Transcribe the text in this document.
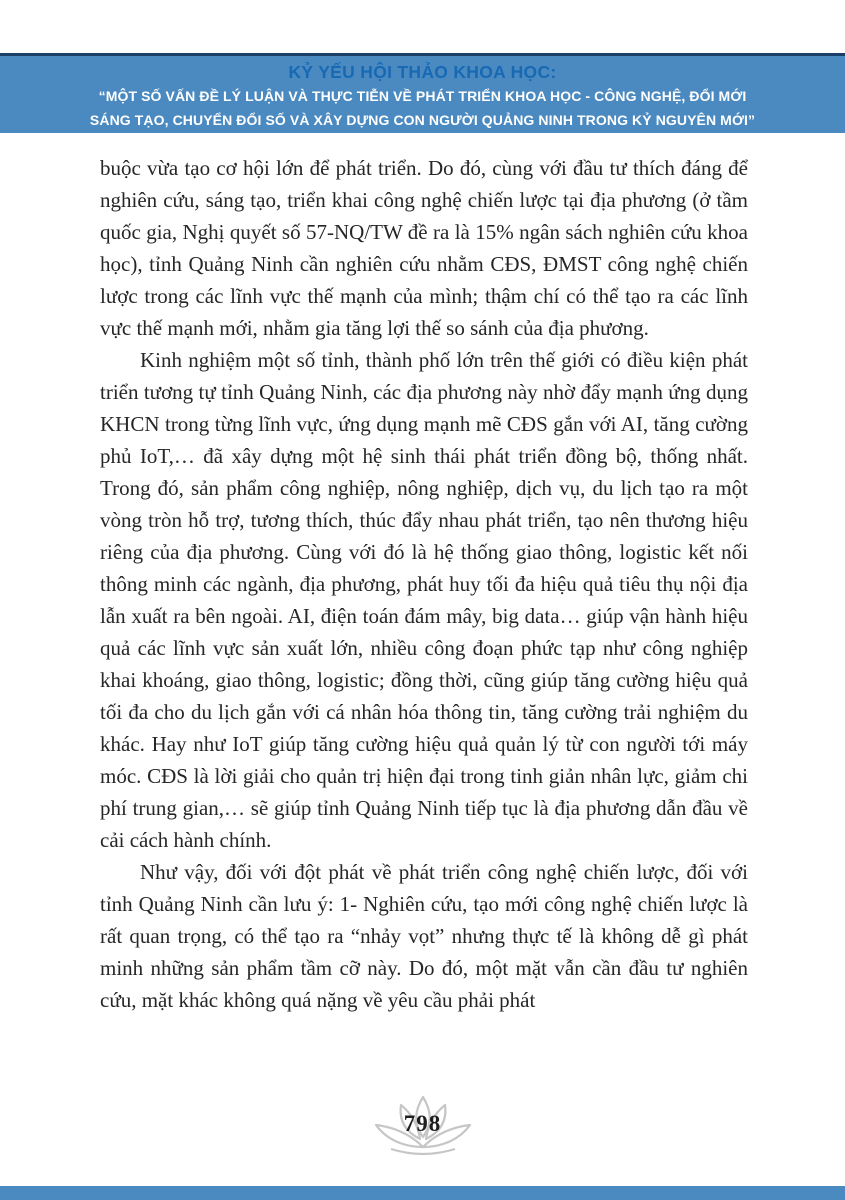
KỶ YẾU HỘI THẢO KHOA HỌC:
“MỘT SỐ VẤN ĐỀ LÝ LUẬN VÀ THỰC TIỄN VỀ PHÁT TRIỂN KHOA HỌC - CÔNG NGHỆ, ĐỔI MỚI
SÁNG TẠO, CHUYỂN ĐỔI SỐ VÀ XÂY DỰNG CON NGƯỜI QUẢNG NINH TRONG KỶ NGUYÊN MỚI”

buộc vừa tạo cơ hội lớn để phát triển. Do đó, cùng với đầu tư thích đáng để nghiên cứu, sáng tạo, triển khai công nghệ chiến lược tại địa phương (ở tầm quốc gia, Nghị quyết số 57-NQ/TW đề ra là 15% ngân sách nghiên cứu khoa học), tỉnh Quảng Ninh cần nghiên cứu nhằm CĐS, ĐMST công nghệ chiến lược trong các lĩnh vực thế mạnh của mình; thậm chí có thể tạo ra các lĩnh vực thế mạnh mới, nhằm gia tăng lợi thế so sánh của địa phương.

Kinh nghiệm một số tỉnh, thành phố lớn trên thế giới có điều kiện phát triển tương tự tỉnh Quảng Ninh, các địa phương này nhờ đẩy mạnh ứng dụng KHCN trong từng lĩnh vực, ứng dụng mạnh mẽ CĐS gắn với AI, tăng cường phủ IoT,… đã xây dựng một hệ sinh thái phát triển đồng bộ, thống nhất. Trong đó, sản phẩm công nghiệp, nông nghiệp, dịch vụ, du lịch tạo ra một vòng tròn hỗ trợ, tương thích, thúc đẩy nhau phát triển, tạo nên thương hiệu riêng của địa phương. Cùng với đó là hệ thống giao thông, logistic kết nối thông minh các ngành, địa phương, phát huy tối đa hiệu quả tiêu thụ nội địa lẫn xuất ra bên ngoài. AI, điện toán đám mây, big data… giúp vận hành hiệu quả các lĩnh vực sản xuất lớn, nhiều công đoạn phức tạp như công nghiệp khai khoáng, giao thông, logistic; đồng thời, cũng giúp tăng cường hiệu quả tối đa cho du lịch gắn với cá nhân hóa thông tin, tăng cường trải nghiệm du khác. Hay như IoT giúp tăng cường hiệu quả quản lý từ con người tới máy móc. CĐS là lời giải cho quản trị hiện đại trong tinh giản nhân lực, giảm chi phí trung gian,… sẽ giúp tỉnh Quảng Ninh tiếp tục là địa phương dẫn đầu về cải cách hành chính.

Như vậy, đối với đột phát về phát triển công nghệ chiến lược, đối với tỉnh Quảng Ninh cần lưu ý: 1- Nghiên cứu, tạo mới công nghệ chiến lược là rất quan trọng, có thể tạo ra “nhảy vọt” nhưng thực tế là không dễ gì phát minh những sản phẩm tầm cỡ này. Do đó, một mặt vẫn cần đầu tư nghiên cứu, mặt khác không quá nặng về yêu cầu phải phát

798
